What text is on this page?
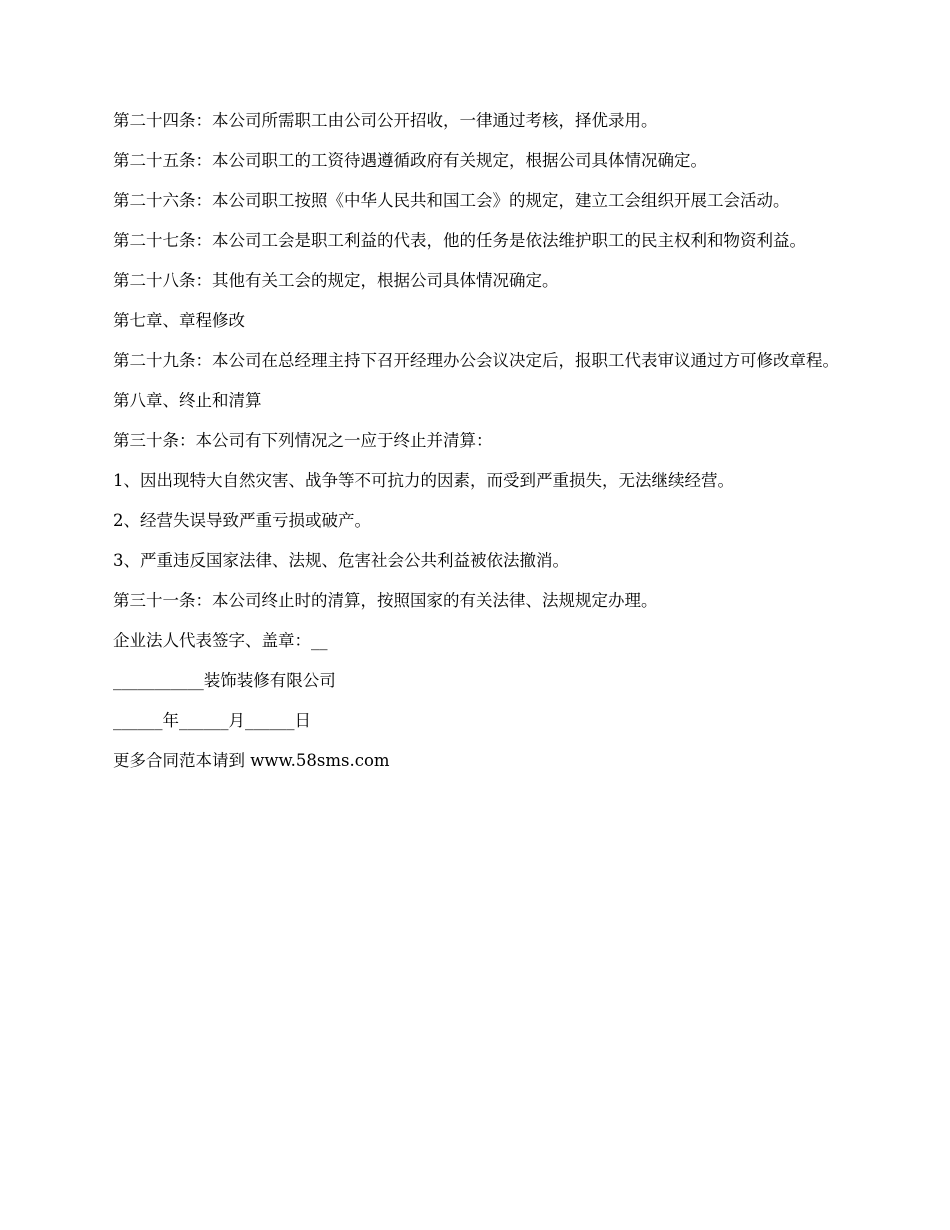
第二十四条：本公司所需职工由公司公开招收，一律通过考核，择优录用。

第二十五条：本公司职工的工资待遇遵循政府有关规定，根据公司具体情况确定。

第二十六条：本公司职工按照《中华人民共和国工会》的规定，建立工会组织开展工会活动。

第二十七条：本公司工会是职工利益的代表，他的任务是依法维护职工的民主权利和物资利益。

第二十八条：其他有关工会的规定，根据公司具体情况确定。

第七章、章程修改

第二十九条：本公司在总经理主持下召开经理办公会议决定后，报职工代表审议通过方可修改章程。

第八章、终止和清算

第三十条：本公司有下列情况之一应于终止并清算：

1、因出现特大自然灾害、战争等不可抗力的因素，而受到严重损失，无法继续经营。

2、经营失误导致严重亏损或破产。

3、严重违反国家法律、法规、危害社会公共利益被依法撤消。

第三十一条：本公司终止时的清算，按照国家的有关法律、法规规定办理。

企业法人代表签字、盖章：__

___________装饰装修有限公司

______年______月______日

更多合同范本请到 www.58sms.com
